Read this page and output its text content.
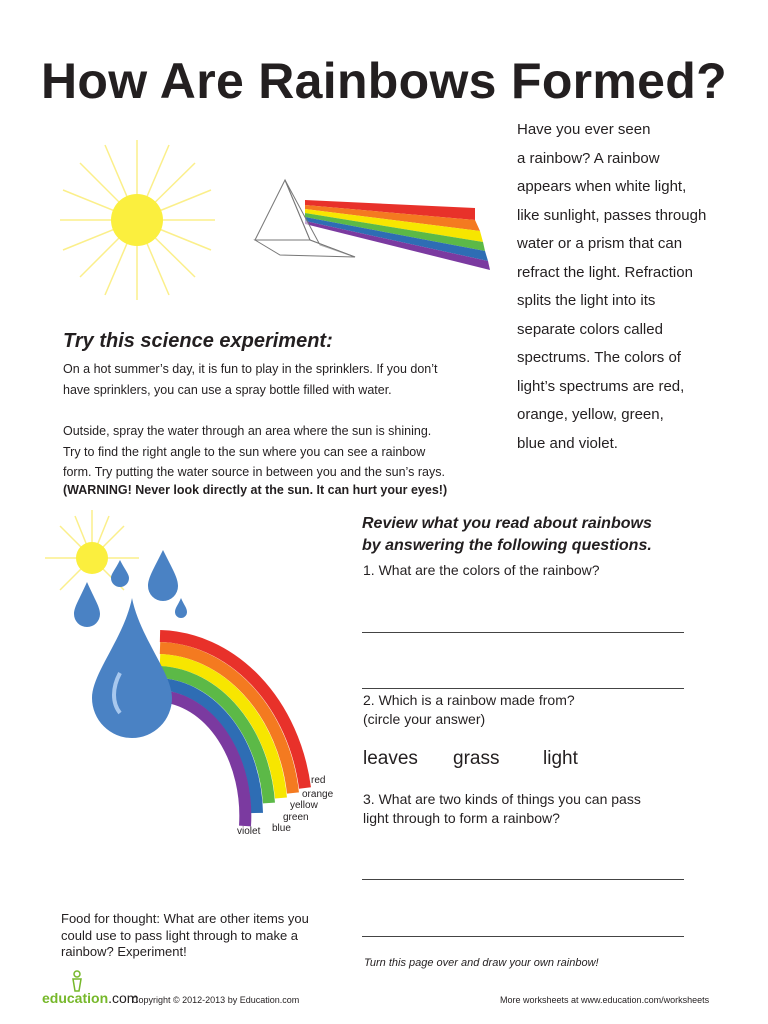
How Are Rainbows Formed?
Have you ever seen
a rainbow? A rainbow
appears when white light,
like sunlight, passes through
water or a prism that can
refract the light. Refraction
splits the light into its
separate colors called
spectrums. The colors of
light’s spectrums are red,
orange, yellow, green,
blue and violet.
Try this science experiment:
On a hot summer’s day, it is fun to play in the sprinklers. If you don’t
have sprinklers, you can use a spray bottle filled with water.
Outside, spray the water through an area where the sun is shining.
Try to find the right angle to the sun where you can see a rainbow
form. Try putting the water source in between you and the sun’s rays.
(WARNING! Never look directly at the sun. It can hurt your eyes!)
red
orange
yellow
green
blue
violet
Review what you read about rainbows
by answering the following questions.
1. What are the colors of the rainbow?
2. Which is a rainbow made from?
(circle your answer)
leaves grass light
3. What are two kinds of things you can pass
light through to form a rainbow?
Food for thought: What are other items you
could use to pass light through to make a
rainbow? Experiment!
Turn this page over and draw your own rainbow!
education.com
Copyright © 2012-2013 by Education.com	More worksheets at www.education.com/worksheets
